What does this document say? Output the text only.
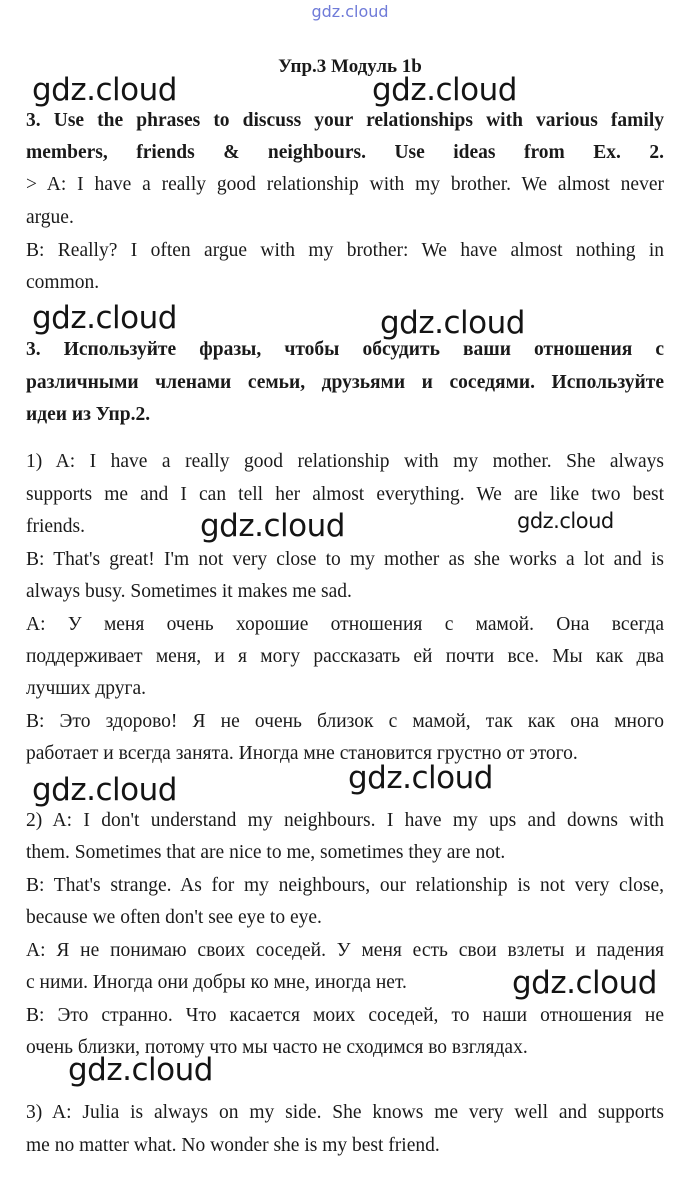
gdz.cloud
Упр.3 Модуль 1b
3. Use the phrases to discuss your relationships with various family
members, friends & neighbours. Use ideas from Ex. 2.
> A: I have a really good relationship with my brother. We almost never
argue.
B: Really? I often argue with my brother: We have almost nothing in
common.
3. Используйте фразы, чтобы обсудить ваши отношения с
различными членами семьи, друзьями и соседями. Используйте
идеи из Упр.2.
1) A: I have a really good relationship with my mother. She always
supports me and I can tell her almost everything. We are like two best
friends.
B: That's great! I'm not very close to my mother as she works a lot and is
always busy. Sometimes it makes me sad.
A: У меня очень хорошие отношения с мамой. Она всегда
поддерживает меня, и я могу рассказать ей почти все. Мы как два
лучших друга.
B: Это здорово! Я не очень близок с мамой, так как она много
работает и всегда занята. Иногда мне становится грустно от этого.
2) A: I don't understand my neighbours. I have my ups and downs with
them. Sometimes that are nice to me, sometimes they are not.
B: That's strange. As for my neighbours, our relationship is not very close,
because we often don't see eye to eye.
A: Я не понимаю своих соседей. У меня есть свои взлеты и падения
с ними. Иногда они добры ко мне, иногда нет.
B: Это странно. Что касается моих соседей, то наши отношения не
очень близки, потому что мы часто не сходимся во взглядах.
3) A: Julia is always on my side. She knows me very well and supports
me no matter what. No wonder she is my best friend.
gdz.cloud	gdz.cloud
gdz.cloud	gdz.cloud
gdz.cloud	gdz.cloud
gdz.cloud
gdz.cloud
gdz.cloud
gdz.cloud
